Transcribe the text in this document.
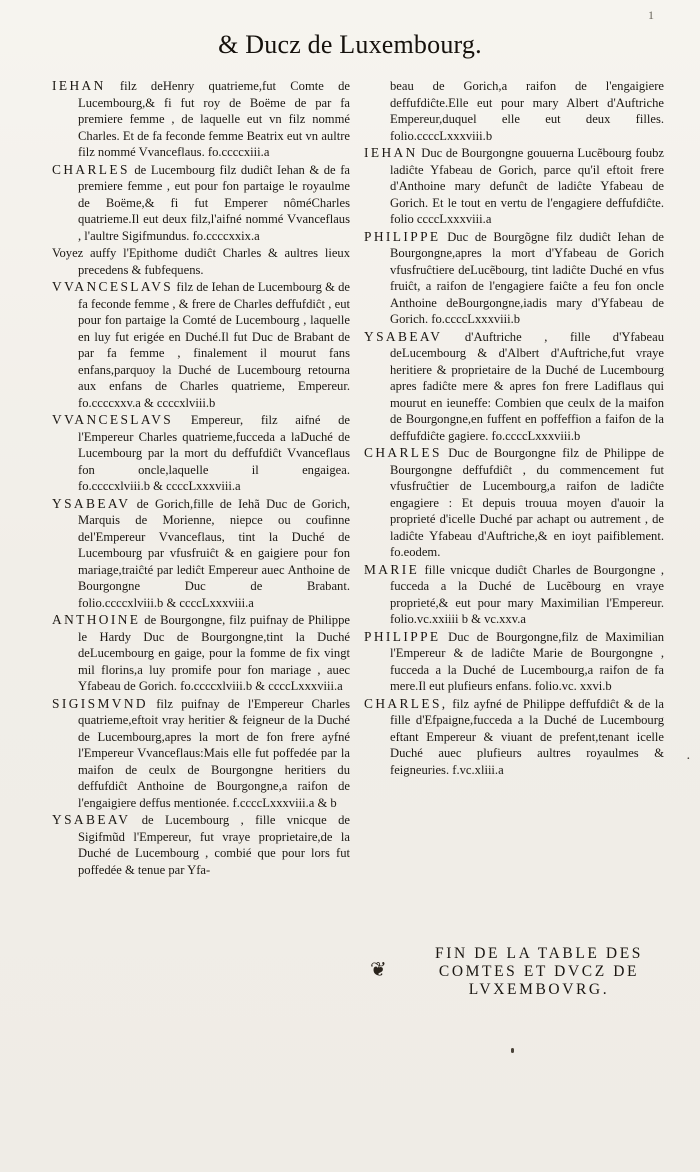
1
& Ducz de Luxembourg.

IEHAN filz deHenry quatrieme,fut Comte de Lucembourg,& fi fut roy de Boëme de par fa premiere femme , de laquelle eut vn filz nommé Charles. Et de fa feconde femme Beatrix eut vn aultre filz nommé Vvanceflaus. fo.ccccxiii.a

CHARLES de Lucembourg filz dudiĉt Iehan & de fa premiere femme , eut pour fon partaige le royaulme de Boëme,& fi fut Emperer nôméCharles quatrieme.Il eut deux filz,l'aifné nommé Vvanceflaus , l'aultre Sigifmundus. fo.ccccxxix.a

Voyez auffy l'Epithome dudiĉt Charles & aultres lieux precedens & fubfequens.

VVANCESLAVS filz de Iehan de Lucembourg & de fa feconde femme , & frere de Charles deffufdiĉt , eut pour fon partaige la Comté de Lucembourg , laquelle en luy fut erigée en Duché.Il fut Duc de Brabant de par fa femme , finalement il mourut fans enfans,parquoy la Duché de Lucembourg retourna aux enfans de Charles quatrieme, Empereur. fo.ccccxxv.a & ccccxlviii.b

VVANCESLAVS Empereur, filz aifné de l'Empereur Charles quatrieme,fucceda a laDuché de Lucembourg par la mort du deffufdiĉt Vvanceflaus fon oncle,laquelle il engaigea. fo.ccccxlviii.b & ccccLxxxviii.a

YSABEAV de Gorich,fille de Iehã Duc de Gorich, Marquis de Morienne, niepce ou coufinne del'Empereur Vvanceflaus, tint la Duché de Lucembourg par vfusfruiĉt & en gaigiere pour fon mariage,traiĉté par lediĉt Empereur auec Anthoine de Bourgongne Duc de Brabant. folio.ccccxlviii.b & ccccLxxxviii.a

ANTHOINE de Bourgongne, filz puifnay de Philippe le Hardy Duc de Bourgongne,tint la Duché deLucembourg en gaige, pour la fomme de fix vingt mil florins,a luy promife pour fon mariage , auec Yfabeau de Gorich. fo.ccccxlviii.b & ccccLxxxviii.a

SIGISMVND filz puifnay de l'Empereur Charles quatrieme,eftoit vray heritier & feigneur de la Duché de Lucembourg,apres la mort de fon frere ayfné l'Empereur Vvanceflaus:Mais elle fut poffedée par la maifon de ceulx de Bourgongne heritiers du deffufdiĉt Anthoine de Bourgongne,a raifon de l'engaigiere deffus mentionée. f.ccccLxxxviii.a & b

YSABEAV de Lucembourg , fille vnicque de Sigifmũd l'Empereur, fut vraye proprietaire,de la Duché de Lucembourg , combié que pour lors fut poffedée & tenue par Yfa-

beau de Gorich,a raifon de l'engaigiere deffufdiĉte.Elle eut pour mary Albert d'Auftriche Empereur,duquel elle eut deux filles. folio.ccccLxxxviii.b

IEHAN Duc de Bourgongne gouuerna Lucẽbourg foubz ladiĉte Yfabeau de Gorich, parce qu'il eftoit frere d'Anthoine mary defunĉt de ladiĉte Yfabeau de Gorich. Et le tout en vertu de l'engagiere deffufdiĉte. folio ccccLxxxviii.a

PHILIPPE Duc de Bourgõgne filz dudiĉt Iehan de Bourgongne,apres la mort d'Yfabeau de Gorich vfusfruĉtiere deLucẽbourg, tint ladiĉte Duché en vfus fruiĉt, a raifon de l'engagiere faiĉte a feu fon oncle Anthoine deBourgongne,iadis mary d'Yfabeau de Gorich. fo.ccccLxxxviii.b

YSABEAV d'Auftriche , fille d'Yfabeau deLucembourg & d'Albert d'Auftriche,fut vraye heritiere & proprietaire de la Duché de Lucembourg apres fadiĉte mere & apres fon frere Ladiflaus qui mourut en ieuneffe: Combien que ceulx de la maifon de Bourgongne,en fuffent en poffeffion a faifon de la deffufdiĉte gagiere. fo.ccccLxxxviii.b

CHARLES Duc de Bourgongne filz de Philippe de Bourgongne deffufdiĉt , du commencement fut vfusfruĉtier de Lucembourg,a raifon de ladiĉte engagiere : Et depuis trouua moyen d'auoir la proprieté d'icelle Duché par achapt ou autrement , de ladiĉte Yfabeau d'Auftriche,& en ioyt paifiblement. fo.eodem.

MARIE fille vnicque dudiĉt Charles de Bourgongne , fucceda a la Duché de Lucẽbourg en vraye proprieté,& eut pour mary Maximilian l'Empereur. folio.vc.xxiiii b & vc.xxv.a

PHILIPPE Duc de Bourgongne,filz de Maximilian l'Empereur & de ladiĉte Marie de Bourgongne , fucceda a la Duché de Lucembourg,a raifon de fa mere.Il eut plufieurs enfans. folio.vc. xxvi.b

CHARLES, filz ayfné de Philippe deffufdiĉt & de la fille d'Efpaigne,fucceda a la Duché de Lucembourg eftant Empereur & viuant de prefent,tenant icelle Duché auec plufieurs aultres royaulmes & feigneuries. f.vc.xliii.a

·
❦
FIN DE LA TABLE DES
COMTES ET DVCZ DE
LVXEMBOVRG.
